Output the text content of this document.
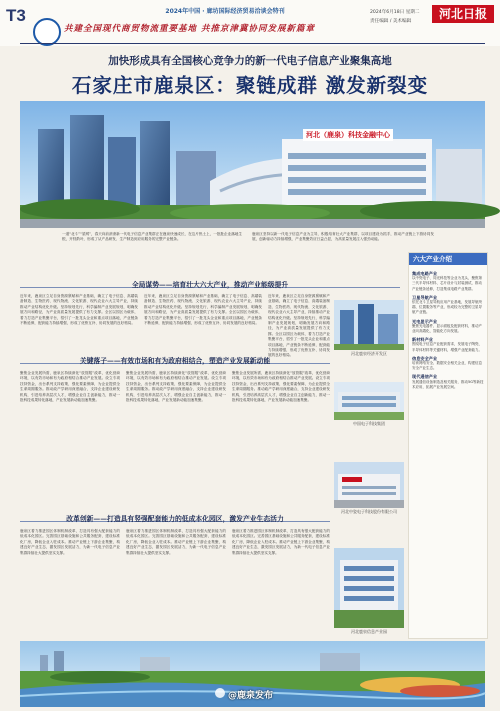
T3	2024年中国 · 廊坊国际经济贸易洽谈会特刊
共建全国现代商贸物流重要基地 共推京津冀协同发展新篇章
2024年6月18日 星期二
责任编辑 / 美术编辑
河北日报
加快形成具有全国核心竞争力的新一代电子信息产业聚集高地
石家庄市鹿泉区：聚链成群 激发新裂变
河北（鹿泉）科技金融中心
一道“北斗”“星网”，春天向前滚滚新一代电子信息产业集群正在鹿泉快速成长，在这片热土上，一批批企业落地生根，开枝散叶，形成了从产品研发、生产制造到应用服务的完整产业链条。
鹿泉区坚持以新一代电子信息产业为主导，积极培育壮大产业集群，以项目建设为抓手，推动产业链上下游协同发展，创新驱动力持续增强，产业集聚效应日益凸显，为高质量发展注入强劲动能。
全局谋势——培育壮大六大产业，推动产业能级提升
近年来，鹿泉区立足自身资源禀赋和产业基础，确立了电子信息、高端装备制造、生物医药、现代物流、文化旅游、现代农业六大主导产业，持续推动产业结构优化升级。坚持规划先行，科学编制产业发展规划，明确发展方向和路径，为产业高质量发展提供了有力支撑。全区以园区为载体，着力打造产业集聚平台，招引了一批龙头企业和重点项目落地，产业链条不断延伸，配套能力持续增强，形成了优势互补、协同发展的良好格局。
近年来，鹿泉区立足自身资源禀赋和产业基础，确立了电子信息、高端装备制造、生物医药、现代物流、文化旅游、现代农业六大主导产业，持续推动产业结构优化升级。坚持规划先行，科学编制产业发展规划，明确发展方向和路径，为产业高质量发展提供了有力支撑。全区以园区为载体，着力打造产业集聚平台，招引了一批龙头企业和重点项目落地，产业链条不断延伸，配套能力持续增强，形成了优势互补、协同发展的良好格局。
近年来，鹿泉区立足自身资源禀赋和产业基础，确立了电子信息、高端装备制造、生物医药、现代物流、文化旅游、现代农业六大主导产业，持续推动产业结构优化升级。坚持规划先行，科学编制产业发展规划，明确发展方向和路径，为产业高质量发展提供了有力支撑。全区以园区为载体，着力打造产业集聚平台，招引了一批龙头企业和重点项目落地，产业链条不断延伸，配套能力持续增强，形成了优势互补、协同发展的良好格局。
关键落子——有效市场和有为政府相结合，塑造产业发展新动能
聚焦企业发展所需，鹿泉区持续深化“放管服”改革，优化营商环境，以有效市场和有为政府相结合推动产业发展。设立专项扶持资金，出台系列支持政策，强化要素保障，为企业提供全生命周期服务。推动政产学研用深度融合，支持企业建设研发机构，引进培养高层次人才，增强企业自主创新能力，推动一批科技成果转化落地，产业发展新动能加速集聚。
聚焦企业发展所需，鹿泉区持续深化“放管服”改革，优化营商环境，以有效市场和有为政府相结合推动产业发展。设立专项扶持资金，出台系列支持政策，强化要素保障，为企业提供全生命周期服务。推动政产学研用深度融合，支持企业建设研发机构，引进培养高层次人才，增强企业自主创新能力，推动一批科技成果转化落地，产业发展新动能加速集聚。
聚焦企业发展所需，鹿泉区持续深化“放管服”改革，优化营商环境，以有效市场和有为政府相结合推动产业发展。设立专项扶持资金，出台系列支持政策，强化要素保障，为企业提供全生命周期服务。推动政产学研用深度融合，支持企业建设研发机构，引进培养高层次人才，增强企业自主创新能力，推动一批科技成果转化落地，产业发展新动能加速集聚。
改革创新——打造具有竖强配套能力的低成本化园区，激发产业生态活力
鹿泉区着力推进园区体制机制改革，打造具有强大配套能力的低成本化园区。完善园区基础设施和公共服务配套，建设标准化厂房，降低企业入驻成本。推动产业链上下游企业集聚，构建良好产业生态，激发园区发展活力，为新一代电子信息产业集群持续壮大提供坚实支撑。
鹿泉区着力推进园区体制机制改革，打造具有强大配套能力的低成本化园区。完善园区基础设施和公共服务配套，建设标准化厂房，降低企业入驻成本。推动产业链上下游企业集聚，构建良好产业生态，激发园区发展活力，为新一代电子信息产业集群持续壮大提供坚实支撑。
鹿泉区着力推进园区体制机制改革，打造具有强大配套能力的低成本化园区。完善园区基础设施和公共服务配套，建设标准化厂房，降低企业入驻成本。推动产业链上下游企业集聚，构建良好产业生态，激发园区发展活力，为新一代电子信息产业集群持续壮大提供坚实支撑。
河北鹿泉经济开发区
中国电子科技集团
河北中瓷电子科技股份有限公司
河北鹿泉信息产业园
六大产业介绍
集成电路产业
以中瓷电子、同光科技等企业为龙头，聚焦第三代半导体材料、芯片设计与封装测试，推动产业链条延伸，打造集成电路产业集群。
卫星导航产业
依托北斗卫星导航应用产业基地，发展导航终端、位置服务等产业，形成较为完整的卫星导航产业链。
光电显示产业
聚焦光电器件、显示面板及配套材料，推动产业向高端化、智能化方向发展。
新材料产业
围绕电子信息产业配套需求，发展电子陶瓷、半导体材料等关键材料，增强产业配套能力。
信息安全产业
培育网络安全、数据安全相关企业，构建信息安全产业生态。
现代通信产业
发展通信设备制造及相关服务，推动5G等新技术应用，拓展产业发展空间。
@鹿泉发布
